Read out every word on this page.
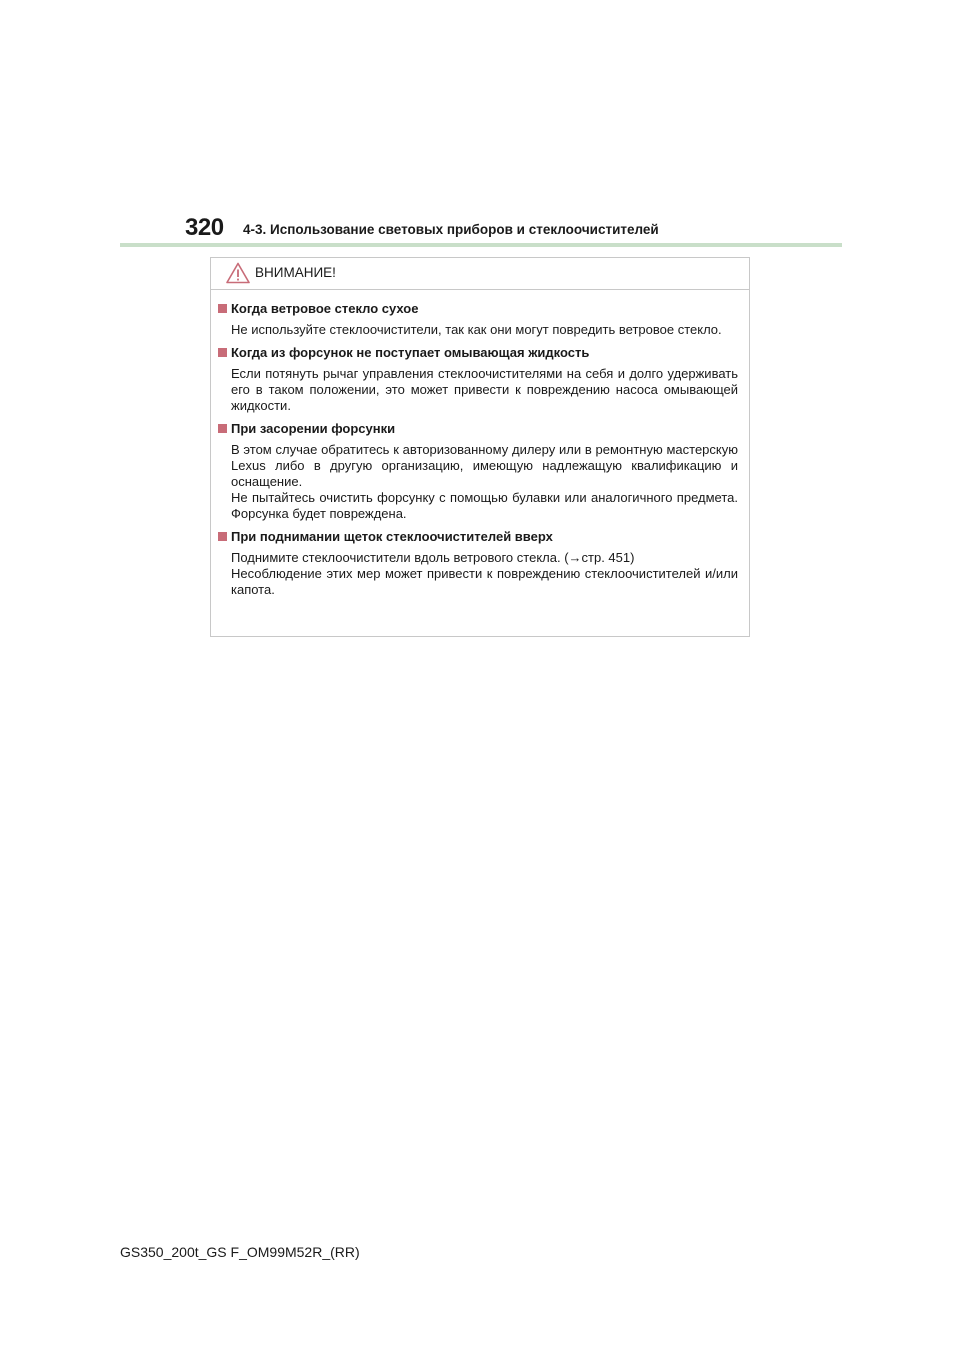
320 4-3. Использование световых приборов и стеклоочистителей
ВНИМАНИЕ!
Когда ветровое стекло сухое

Не используйте стеклоочистители, так как они могут повредить ветровое стекло.

Когда из форсунок не поступает омывающая жидкость

Если потянуть рычаг управления стеклоочистителями на себя и долго удерживать его в таком положении, это может привести к повреждению насоса омывающей жидкости.

При засорении форсунки

В этом случае обратитесь к авторизованному дилеру или в ремонтную мастерскую Lexus либо в другую организацию, имеющую надлежащую квалификацию и оснащение.

Не пытайтесь очистить форсунку с помощью булавки или аналогичного предмета. Форсунка будет повреждена.

При поднимании щеток стеклоочистителей вверх

Поднимите стеклоочистители вдоль ветрового стекла. (→стр. 451)

Несоблюдение этих мер может привести к повреждению стеклоочистителей и/или капота.

GS350_200t_GS F_OM99M52R_(RR)
